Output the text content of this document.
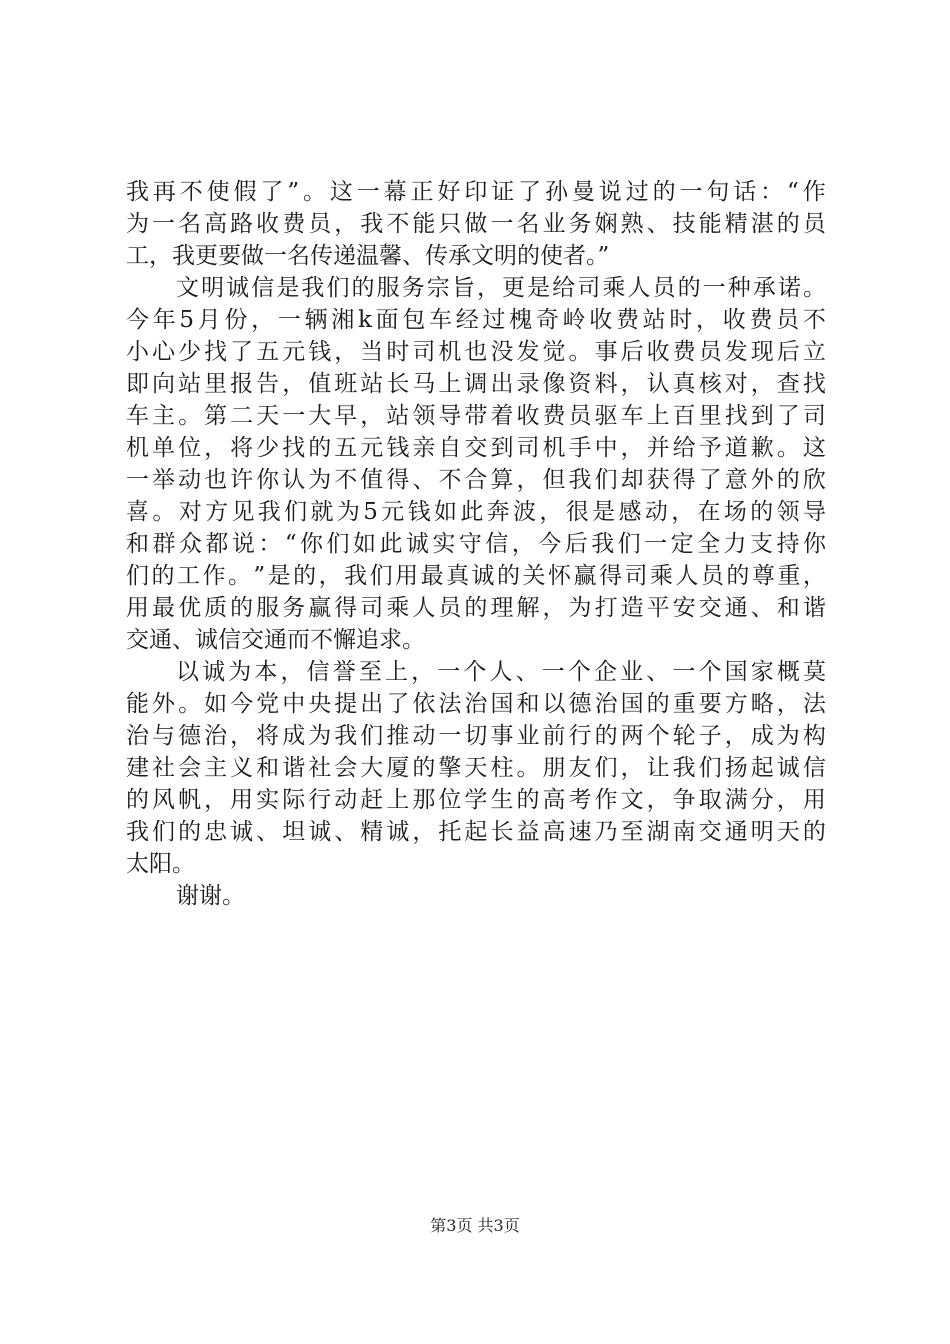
我 再 不 使 假 了 ” 。 这 一 幕 正 好 印 证 了 孙 曼 说 过 的 一 句 话 ： “ 作
为 一 名 高 路 收 费 员 ， 我 不 能 只 做 一 名 业 务 娴 熟 、 技 能 精 湛 的 员
工，我更要做一名传递温馨、传承文明的使者。”
文 明 诚 信 是 我 们 的 服 务 宗 旨 ， 更 是 给 司 乘 人 员 的 一 种 承 诺 。
今 年 5 月 份 ， 一 辆 湘 k 面 包 车 经 过 槐 奇 岭 收 费 站 时 ， 收 费 员 不
小 心 少 找 了 五 元 钱 ， 当 时 司 机 也 没 发 觉 。 事 后 收 费 员 发 现 后 立
即 向 站 里 报 告 ， 值 班 站 长 马 上 调 出 录 像 资 料 ， 认 真 核 对 ， 查 找
车 主 。 第 二 天 一 大 早 ， 站 领 导 带 着 收 费 员 驱 车 上 百 里 找 到 了 司
机 单 位 ， 将 少 找 的 五 元 钱 亲 自 交 到 司 机 手 中 ， 并 给 予 道 歉 。 这
一 举 动 也 许 你 认 为 不 值 得 、 不 合 算 ， 但 我 们 却 获 得 了 意 外 的 欣
喜 。 对 方 见 我 们 就 为 5 元 钱 如 此 奔 波 ， 很 是 感 动 ， 在 场 的 领 导
和 群 众 都 说 ： “ 你 们 如 此 诚 实 守 信 ， 今 后 我 们 一 定 全 力 支 持 你
们 的 工 作 。 ” 是 的 ， 我 们 用 最 真 诚 的 关 怀 赢 得 司 乘 人 员 的 尊 重 ，
用 最 优 质 的 服 务 赢 得 司 乘 人 员 的 理 解 ， 为 打 造 平 安 交 通 、 和 谐
交通、诚信交通而不懈追求。
以 诚 为 本 ， 信 誉 至 上 ， 一 个 人 、 一 个 企 业 、 一 个 国 家 概 莫
能 外 。 如 今 党 中 央 提 出 了 依 法 治 国 和 以 德 治 国 的 重 要 方 略 ， 法
治 与 德 治 ， 将 成 为 我 们 推 动 一 切 事 业 前 行 的 两 个 轮 子 ， 成 为 构
建 社 会 主 义 和 谐 社 会 大 厦 的 擎 天 柱 。 朋 友 们 ， 让 我 们 扬 起 诚 信
的 风 帆 ， 用 实 际 行 动 赶 上 那 位 学 生 的 高 考 作 文 ， 争 取 满 分 ， 用
我 们 的 忠 诚 、 坦 诚 、 精 诚 ， 托 起 长 益 高 速 乃 至 湖 南 交 通 明 天 的
太阳。
谢谢。
第3页 共3页
